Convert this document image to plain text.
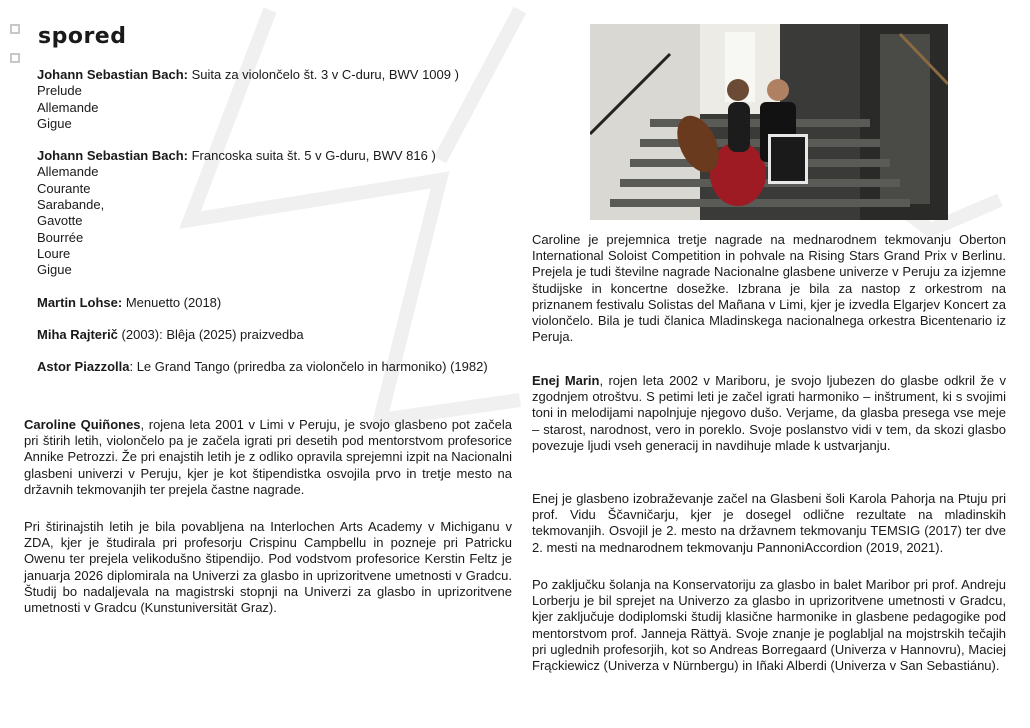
spored
Johann Sebastian Bach: Suita za violončelo št. 3 v C-duru, BWV 1009 )
Prelude
Allemande
Gigue
Johann Sebastian Bach: Francoska suita št. 5 v G-duru, BWV 816 )
Allemande
Courante
Sarabande,
Gavotte
Bourrée
Loure
Gigue
Martin Lohse: Menuetto (2018)
Miha Rajterič (2003): Blêja (2025) praizvedba
Astor Piazzolla: Le Grand Tango (priredba za violončelo in harmoniko) (1982)

Caroline Quiñones, rojena leta 2001 v Limi v Peruju, je svojo glasbeno pot začela pri štirih letih, violončelo pa je začela igrati pri desetih pod mentorstvom profesorice Annike Petrozzi. Že pri enajstih letih je z odliko opravila sprejemni izpit na Nacionalni glasbeni univerzi v Peruju, kjer je kot štipendistka osvojila prvo in tretje mesto na državnih tekmovanjih ter prejela častne nagrade.

Pri štirinajstih letih je bila povabljena na Interlochen Arts Academy v Michiganu v ZDA, kjer je študirala pri profesorju Crispinu Campbellu in pozneje pri Patricku Owenu ter prejela velikodušno štipendijo. Pod vodstvom profesorice Kerstin Feltz je januarja 2026 diplomirala na Univerzi za glasbo in uprizoritvene umetnosti v Gradcu. Študij bo nadaljevala na magistrski stopnji na Univerzi za glasbo in uprizoritvene umetnosti v Gradcu (Kunstuniversität Graz).

Caroline je prejemnica tretje nagrade na mednarodnem tekmovanju Oberton International Soloist Competition in pohvale na Rising Stars Grand Prix v Berlinu. Prejela je tudi številne nagrade Nacionalne glasbene univerze v Peruju za izjemne študijske in koncertne dosežke. Izbrana je bila za nastop z orkestrom na priznanem festivalu Solistas del Mañana v Limi, kjer je izvedla Elgarjev Koncert za violončelo. Bila je tudi članica Mladinskega nacionalnega orkestra Bicentenario iz Peruja.

Enej Marin, rojen leta 2002 v Mariboru, je svojo ljubezen do glasbe odkril že v zgodnjem otroštvu. S petimi leti je začel igrati harmoniko – inštrument, ki s svojimi toni in melodijami napolnjuje njegovo dušo. Verjame, da glasba presega vse meje – starost, narodnost, vero in poreklo. Svoje poslanstvo vidi v tem, da skozi glasbo povezuje ljudi vseh generacij in navdihuje mlade k ustvarjanju.

Enej je glasbeno izobraževanje začel na Glasbeni šoli Karola Pahorja na Ptuju pri prof. Vidu Ščavničarju, kjer je dosegel odlične rezultate na mladinskih tekmovanjih. Osvojil je 2. mesto na državnem tekmovanju TEMSIG (2017) ter dve 2. mesti na mednarodnem tekmovanju PannoniAccordion (2019, 2021).

Po zaključku šolanja na Konservatoriju za glasbo in balet Maribor pri prof. Andreju Lorberju je bil sprejet na Univerzo za glasbo in uprizoritvene umetnosti v Gradcu, kjer zaključuje dodiplomski študij klasične harmonike in glasbene pedagogike pod mentorstvom prof. Janneja Rättyä. Svoje znanje je poglabljal na mojstrskih tečajih pri uglednih profesorjih, kot so Andreas Borregaard (Univerza v Hannovru), Maciej Frąckiewicz (Univerza v Nürnbergu) in Iñaki Alberdi (Univerza v San Sebastiánu).
